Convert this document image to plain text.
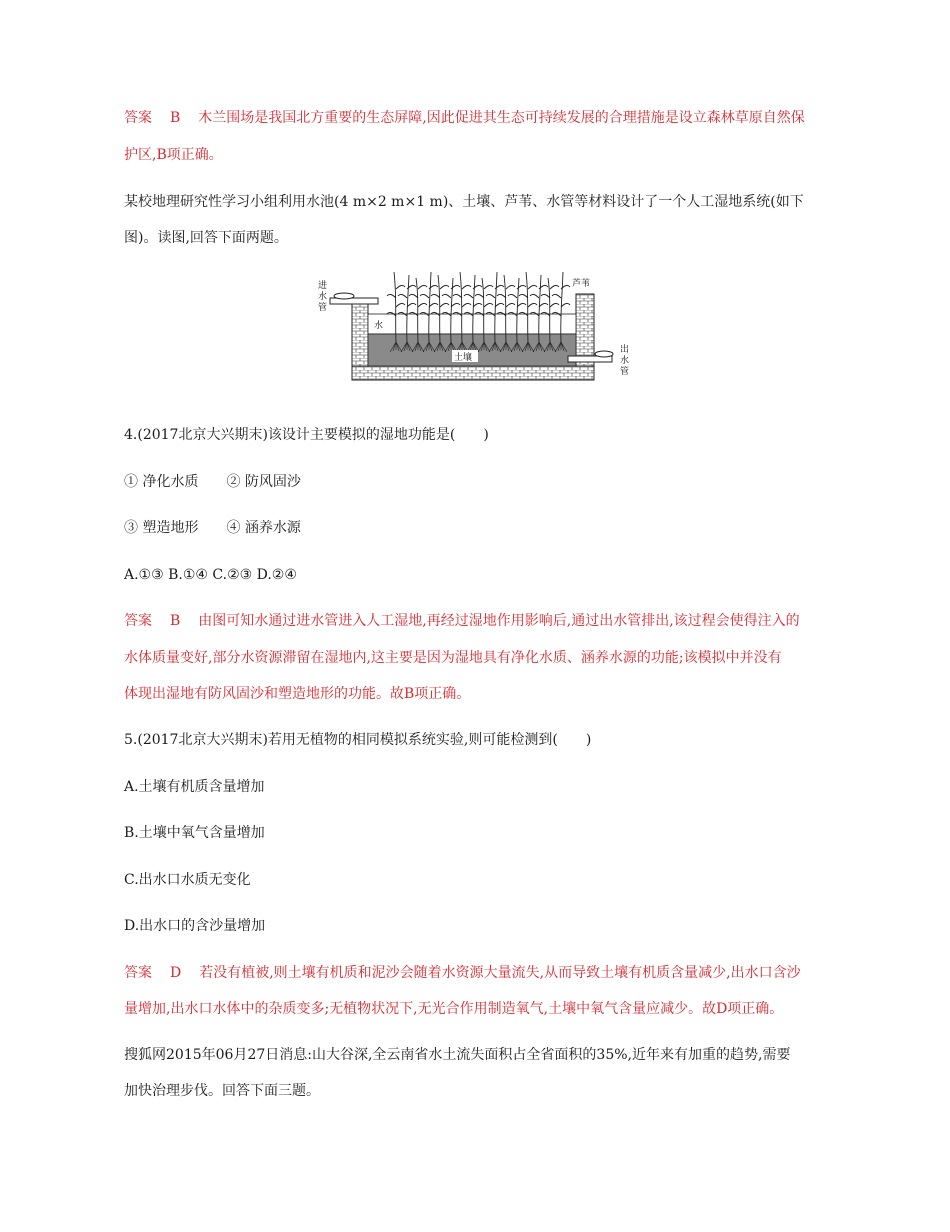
答案 B 木兰围场是我国北方重要的生态屏障,因此促进其生态可持续发展的合理措施是设立森林草原自然保
护区,B项正确。
某校地理研究性学习小组利用水池(4 m×2 m×1 m)、土壤、芦苇、水管等材料设计了一个人工湿地系统(如下
图)。读图,回答下面两题。
进
水
管
出
水
管
水
土壤
芦苇
4.(2017北京大兴期末)该设计主要模拟的湿地功能是(　　)
① 净化水质 ② 防风固沙
③ 塑造地形 ④ 涵养水源
A.①③ B.①④ C.②③ D.②④
答案 B 由图可知水通过进水管进入人工湿地,再经过湿地作用影响后,通过出水管排出,该过程会使得注入的
水体质量变好,部分水资源滞留在湿地内,这主要是因为湿地具有净化水质、涵养水源的功能;该模拟中并没有
体现出湿地有防风固沙和塑造地形的功能。故B项正确。
5.(2017北京大兴期末)若用无植物的相同模拟系统实验,则可能检测到(　　)
A.土壤有机质含量增加
B.土壤中氧气含量增加
C.出水口水质无变化
D.出水口的含沙量增加
答案 D 若没有植被,则土壤有机质和泥沙会随着水资源大量流失,从而导致土壤有机质含量减少,出水口含沙
量增加,出水口水体中的杂质变多;无植物状况下,无光合作用制造氧气,土壤中氧气含量应减少。故D项正确。
搜狐网2015年06月27日消息:山大谷深,全云南省水土流失面积占全省面积的35%,近年来有加重的趋势,需要
加快治理步伐。回答下面三题。
